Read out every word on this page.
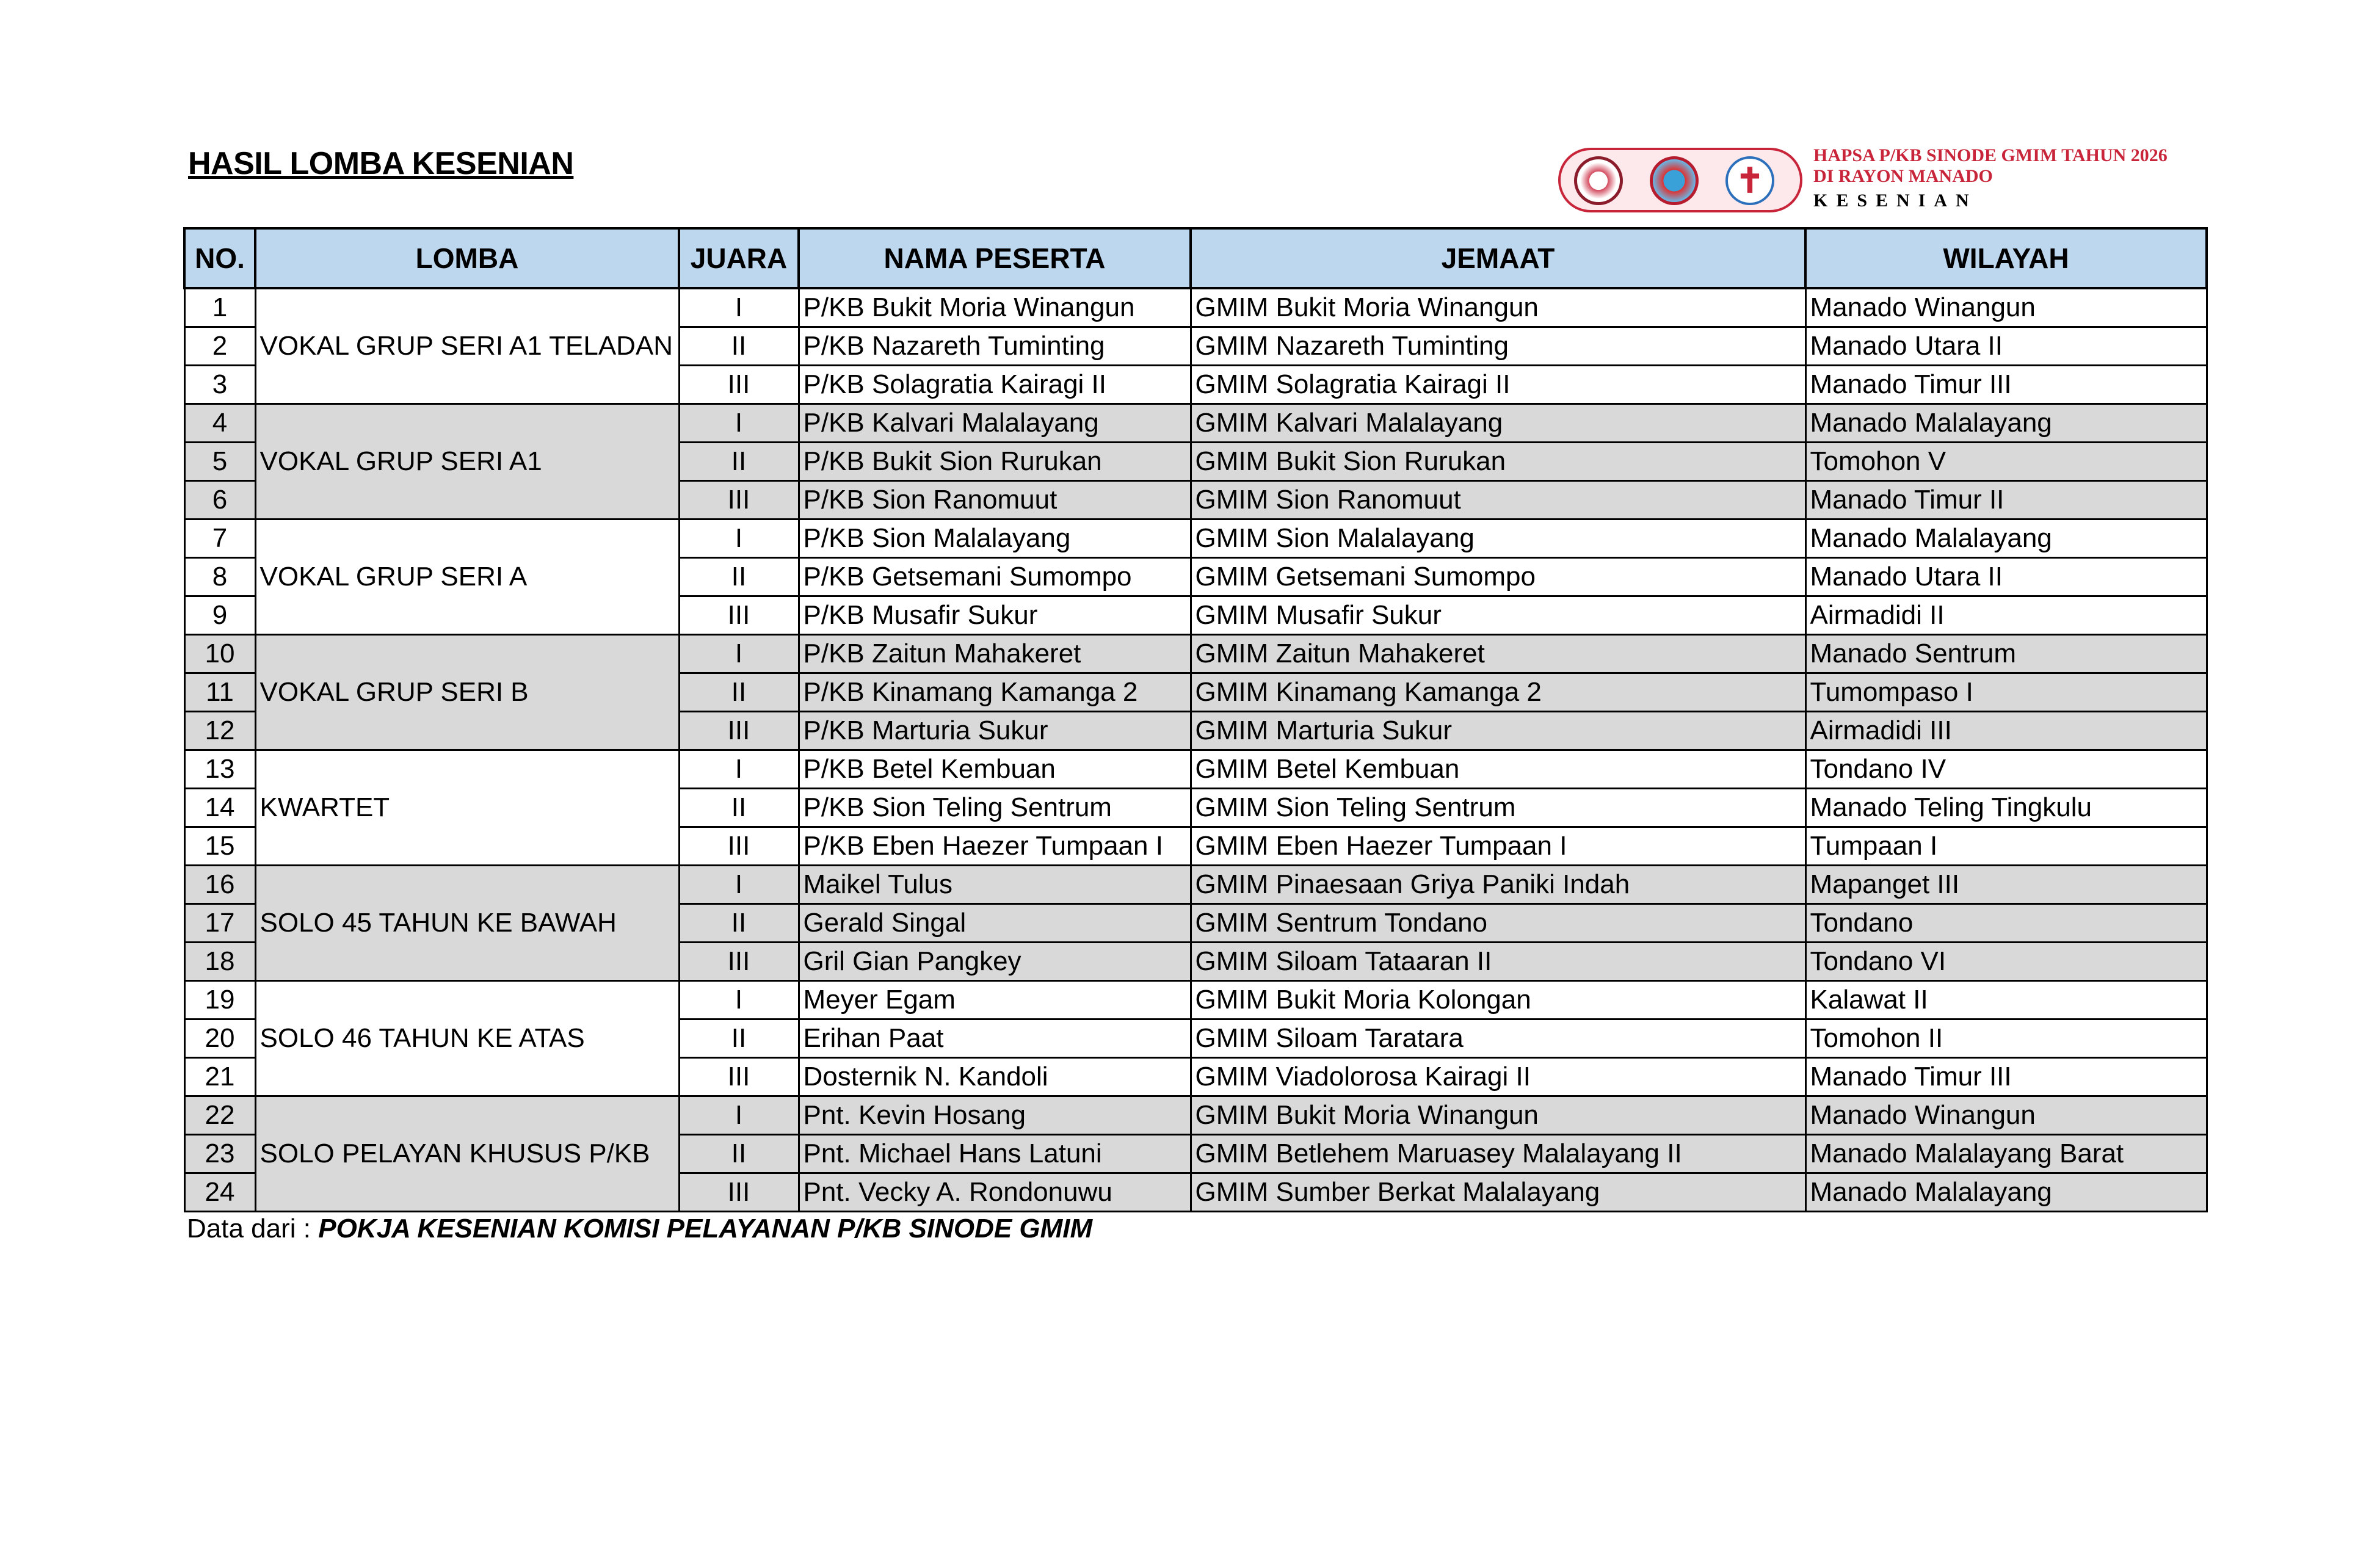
HASIL LOMBA KESENIAN	✝
HAPSA P/KB SINODE GMIM TAHUN 2026
DI RAYON MANADO
KESENIAN
NO.	LOMBA	JUARA	NAMA PESERTA	JEMAAT	WILAYAH
1	VOKAL GRUP SERI A1 TELADAN	I	P/KB Bukit Moria Winangun	GMIM Bukit Moria Winangun	Manado Winangun
2		II	P/KB Nazareth Tuminting	GMIM Nazareth Tuminting	Manado Utara II
3		III	P/KB Solagratia Kairagi II	GMIM Solagratia Kairagi II	Manado Timur III
4	VOKAL GRUP SERI A1	I	P/KB Kalvari Malalayang	GMIM Kalvari Malalayang	Manado Malalayang
5		II	P/KB Bukit Sion Rurukan	GMIM Bukit Sion Rurukan	Tomohon V
6		III	P/KB Sion Ranomuut	GMIM Sion Ranomuut	Manado Timur II
7	VOKAL GRUP SERI A	I	P/KB Sion Malalayang	GMIM Sion Malalayang	Manado Malalayang
8		II	P/KB Getsemani Sumompo	GMIM Getsemani Sumompo	Manado Utara II
9		III	P/KB Musafir Sukur	GMIM Musafir Sukur	Airmadidi II
10	VOKAL GRUP SERI B	I	P/KB Zaitun Mahakeret	GMIM Zaitun Mahakeret	Manado Sentrum
11		II	P/KB Kinamang Kamanga 2	GMIM Kinamang Kamanga 2	Tumompaso I
12		III	P/KB Marturia Sukur	GMIM Marturia Sukur	Airmadidi III
13	KWARTET	I	P/KB Betel Kembuan	GMIM Betel Kembuan	Tondano IV
14		II	P/KB Sion Teling Sentrum	GMIM Sion Teling Sentrum	Manado Teling Tingkulu
15		III	P/KB Eben Haezer Tumpaan I	GMIM Eben Haezer Tumpaan I	Tumpaan I
16	SOLO 45 TAHUN KE BAWAH	I	Maikel Tulus	GMIM Pinaesaan Griya Paniki Indah	Mapanget III
17		II	Gerald Singal	GMIM Sentrum Tondano	Tondano
18		III	Gril Gian Pangkey	GMIM Siloam Tataaran II	Tondano VI
19	SOLO 46 TAHUN KE ATAS	I	Meyer Egam	GMIM Bukit Moria Kolongan	Kalawat II
20		II	Erihan Paat	GMIM Siloam Taratara	Tomohon II
21		III	Dosternik N. Kandoli	GMIM Viadolorosa Kairagi II	Manado Timur III
22	SOLO PELAYAN KHUSUS P/KB	I	Pnt. Kevin Hosang	GMIM Bukit Moria Winangun	Manado Winangun
23		II	Pnt. Michael Hans Latuni	GMIM Betlehem Maruasey Malalayang II	Manado Malalayang Barat
24		III	Pnt. Vecky A. Rondonuwu	GMIM Sumber Berkat Malalayang	Manado Malalayang
Data dari : POKJA KESENIAN KOMISI PELAYANAN P/KB SINODE GMIM
